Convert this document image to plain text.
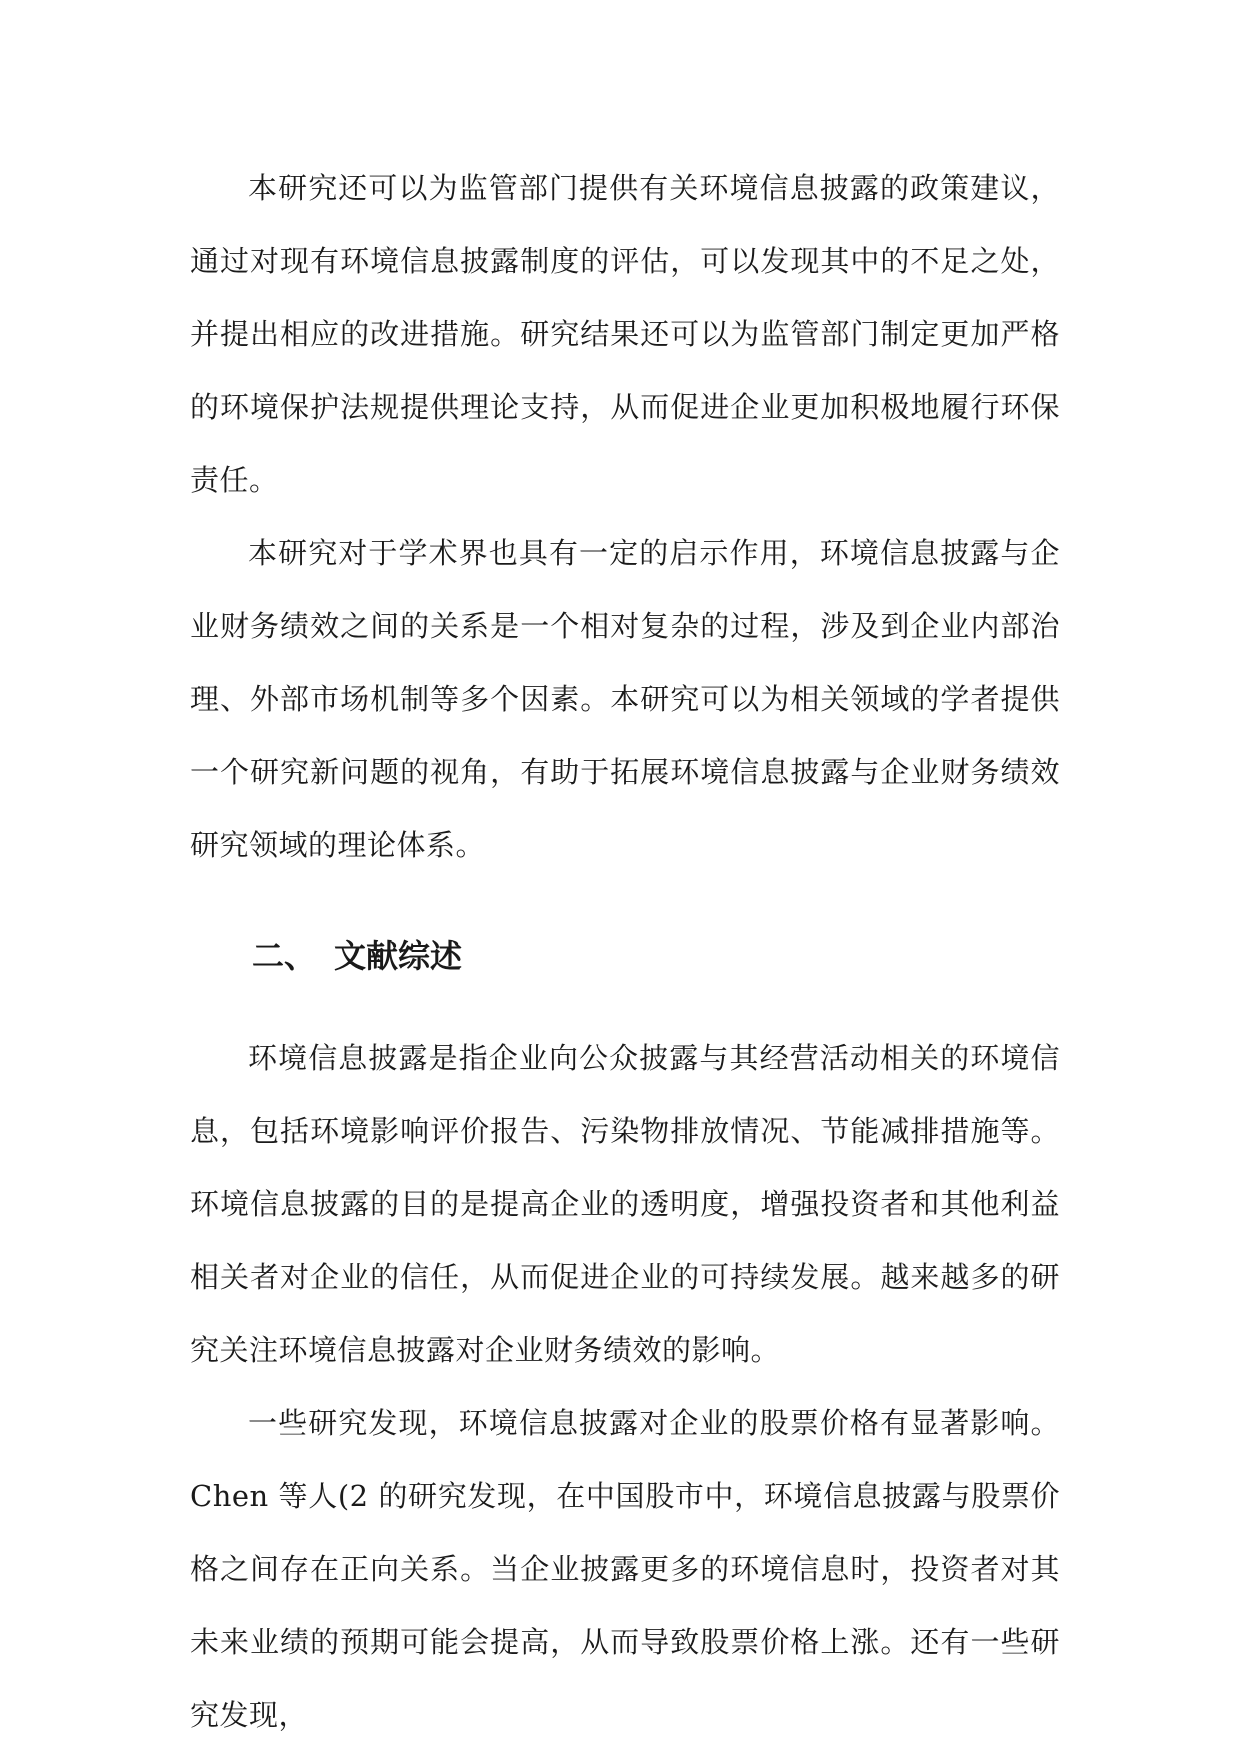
本研究还可以为监管部门提供有关环境信息披露的政策建议，通过对现有环境信息披露制度的评估，可以发现其中的不足之处，并提出相应的改进措施。研究结果还可以为监管部门制定更加严格的环境保护法规提供理论支持，从而促进企业更加积极地履行环保责任。

本研究对于学术界也具有一定的启示作用，环境信息披露与企业财务绩效之间的关系是一个相对复杂的过程，涉及到企业内部治理、外部市场机制等多个因素。本研究可以为相关领域的学者提供一个研究新问题的视角，有助于拓展环境信息披露与企业财务绩效研究领域的理论体系。

二、 文献综述

环境信息披露是指企业向公众披露与其经营活动相关的环境信息，包括环境影响评价报告、污染物排放情况、节能减排措施等。环境信息披露的目的是提高企业的透明度，增强投资者和其他利益相关者对企业的信任，从而促进企业的可持续发展。越来越多的研究关注环境信息披露对企业财务绩效的影响。

一些研究发现，环境信息披露对企业的股票价格有显著影响。Chen 等人(2 的研究发现，在中国股市中，环境信息披露与股票价格之间存在正向关系。当企业披露更多的环境信息时，投资者对其未来业绩的预期可能会提高，从而导致股票价格上涨。还有一些研究发现，
